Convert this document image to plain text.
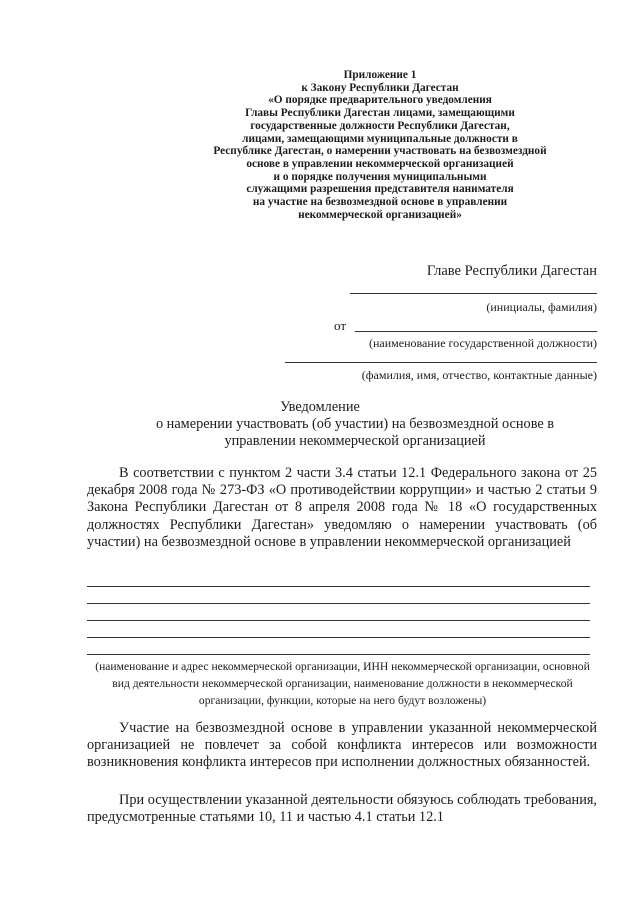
Приложение 1
к Закону Республики Дагестан
«О порядке предварительного уведомления
Главы Республики Дагестан лицами, замещающими
государственные должности Республики Дагестан,
лицами, замещающими муниципальные должности в
Республике Дагестан, о намерении участвовать на безвозмездной
основе в управлении некоммерческой организацией
и о порядке получения муниципальными
служащими разрешения представителя нанимателя
на участие на безвозмездной основе в управлении
некоммерческой организацией»
Главе Республики Дагестан
(инициалы, фамилия)
от
(наименование государственной должности)
(фамилия, имя, отчество, контактные данные)
Уведомление
о намерении участвовать (об участии) на безвозмездной основе в управлении некоммерческой организацией
В соответствии с пунктом 2 части 3.4 статьи 12.1 Федерального закона от 25 декабря 2008 года № 273-ФЗ «О противодействии коррупции» и частью 2 статьи 9 Закона Республики Дагестан от 8 апреля 2008 года № 18 «О государственных должностях Республики Дагестан» уведомляю о намерении участвовать (об участии) на безвозмездной основе в управлении некоммерческой организацией
(наименование и адрес некоммерческой организации, ИНН некоммерческой организации, основной вид деятельности некоммерческой организации, наименование должности в некоммерческой организации, функции, которые на него будут возложены)
Участие на безвозмездной основе в управлении указанной некоммерческой организацией не повлечет за собой конфликта интересов или возможности возникновения конфликта интересов при исполнении должностных обязанностей.
При осуществлении указанной деятельности обязуюсь соблюдать требования, предусмотренные статьями 10, 11 и частью 4.1 статьи 12.1
